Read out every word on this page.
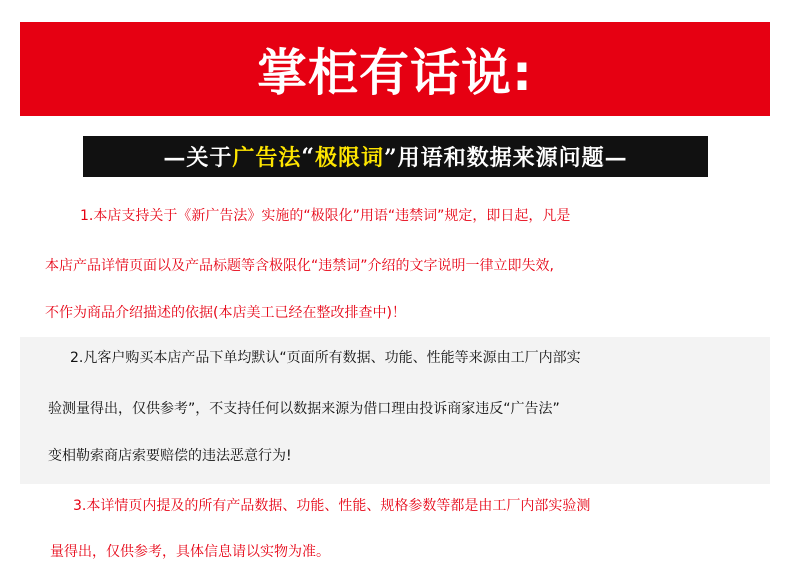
掌柜有话说:
—关于 广告法 “ 极限词 ”用语和数据来源问题—
1.本店支持关于《新广告法》实施的“极限化”用语“违禁词”规定，即日起，凡是
本店产品详情页面以及产品标题等含极限化“违禁词”介绍的文字说明一律立即失效,
不作为商品介绍描述的依据(本店美工已经在整改排查中)！
2.凡客户购买本店产品下单均默认“页面所有数据、功能、性能等来源由工厂内部实
验测量得出，仅供参考”，不支持任何以数据来源为借口理由投诉商家违反“广告法”
变相勒索商店索要赔偿的违法恶意行为!
3.本详情页内提及的所有产品数据、功能、性能、规格参数等都是由工厂内部实验测
量得出，仅供参考，具体信息请以实物为准。
